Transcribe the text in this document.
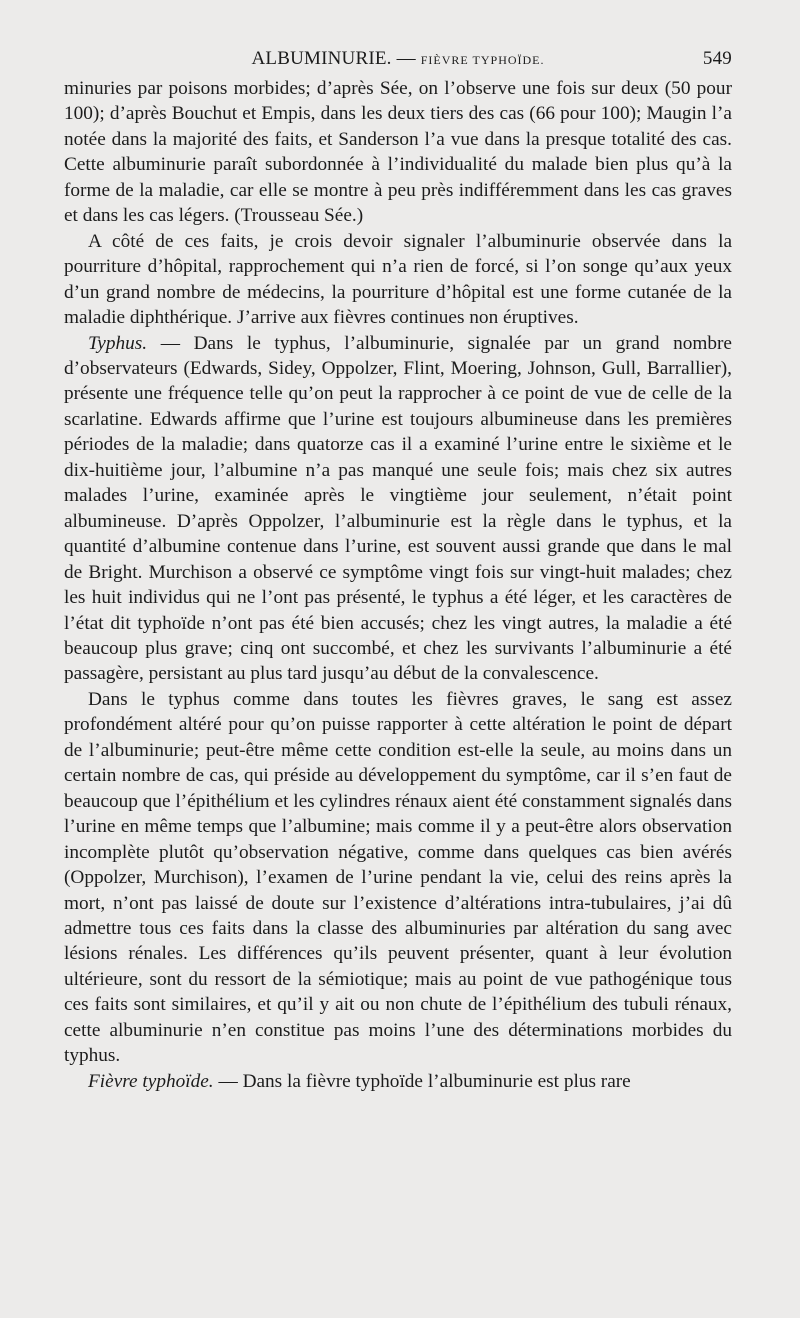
ALBUMINURIE. — FIÈVRE TYPHOÏDE.	549

minuries par poisons morbides; d’après Sée, on l’observe une fois sur deux (50 pour 100); d’après Bouchut et Empis, dans les deux tiers des cas (66 pour 100); Maugin l’a notée dans la majorité des faits, et Sanderson l’a vue dans la presque totalité des cas. Cette albuminurie paraît subordonnée à l’individualité du malade bien plus qu’à la forme de la maladie, car elle se montre à peu près indifféremment dans les cas graves et dans les cas légers. (Trousseau Sée.)

A côté de ces faits, je crois devoir signaler l’albuminurie observée dans la pourriture d’hôpital, rapprochement qui n’a rien de forcé, si l’on songe qu’aux yeux d’un grand nombre de médecins, la pourriture d’hôpital est une forme cutanée de la maladie diphthérique. J’arrive aux fièvres continues non éruptives.

Typhus. — Dans le typhus, l’albuminurie, signalée par un grand nombre d’observateurs (Edwards, Sidey, Oppolzer, Flint, Moering, Johnson, Gull, Barrallier), présente une fréquence telle qu’on peut la rapprocher à ce point de vue de celle de la scarlatine. Edwards affirme que l’urine est toujours albumineuse dans les premières périodes de la maladie; dans quatorze cas il a examiné l’urine entre le sixième et le dix-huitième jour, l’albumine n’a pas manqué une seule fois; mais chez six autres malades l’urine, examinée après le vingtième jour seulement, n’était point albumineuse. D’après Oppolzer, l’albuminurie est la règle dans le typhus, et la quantité d’albumine contenue dans l’urine, est souvent aussi grande que dans le mal de Bright. Murchison a observé ce symptôme vingt fois sur vingt-huit malades; chez les huit individus qui ne l’ont pas présenté, le typhus a été léger, et les caractères de l’état dit typhoïde n’ont pas été bien accusés; chez les vingt autres, la maladie a été beaucoup plus grave; cinq ont succombé, et chez les survivants l’albuminurie a été passagère, persistant au plus tard jusqu’au début de la convalescence.

Dans le typhus comme dans toutes les fièvres graves, le sang est assez profondément altéré pour qu’on puisse rapporter à cette altération le point de départ de l’albuminurie; peut-être même cette condition est-elle la seule, au moins dans un certain nombre de cas, qui préside au développement du symptôme, car il s’en faut de beaucoup que l’épithélium et les cylindres rénaux aient été constamment signalés dans l’urine en même temps que l’albumine; mais comme il y a peut-être alors observation incomplète plutôt qu’observation négative, comme dans quelques cas bien avérés (Oppolzer, Murchison), l’examen de l’urine pendant la vie, celui des reins après la mort, n’ont pas laissé de doute sur l’existence d’altérations intra-tubulaires, j’ai dû admettre tous ces faits dans la classe des albuminuries par altération du sang avec lésions rénales. Les différences qu’ils peuvent présenter, quant à leur évolution ultérieure, sont du ressort de la sémiotique; mais au point de vue pathogénique tous ces faits sont similaires, et qu’il y ait ou non chute de l’épithélium des tubuli rénaux, cette albuminurie n’en constitue pas moins l’une des déterminations morbides du typhus.

Fièvre typhoïde. — Dans la fièvre typhoïde l’albuminurie est plus rare
